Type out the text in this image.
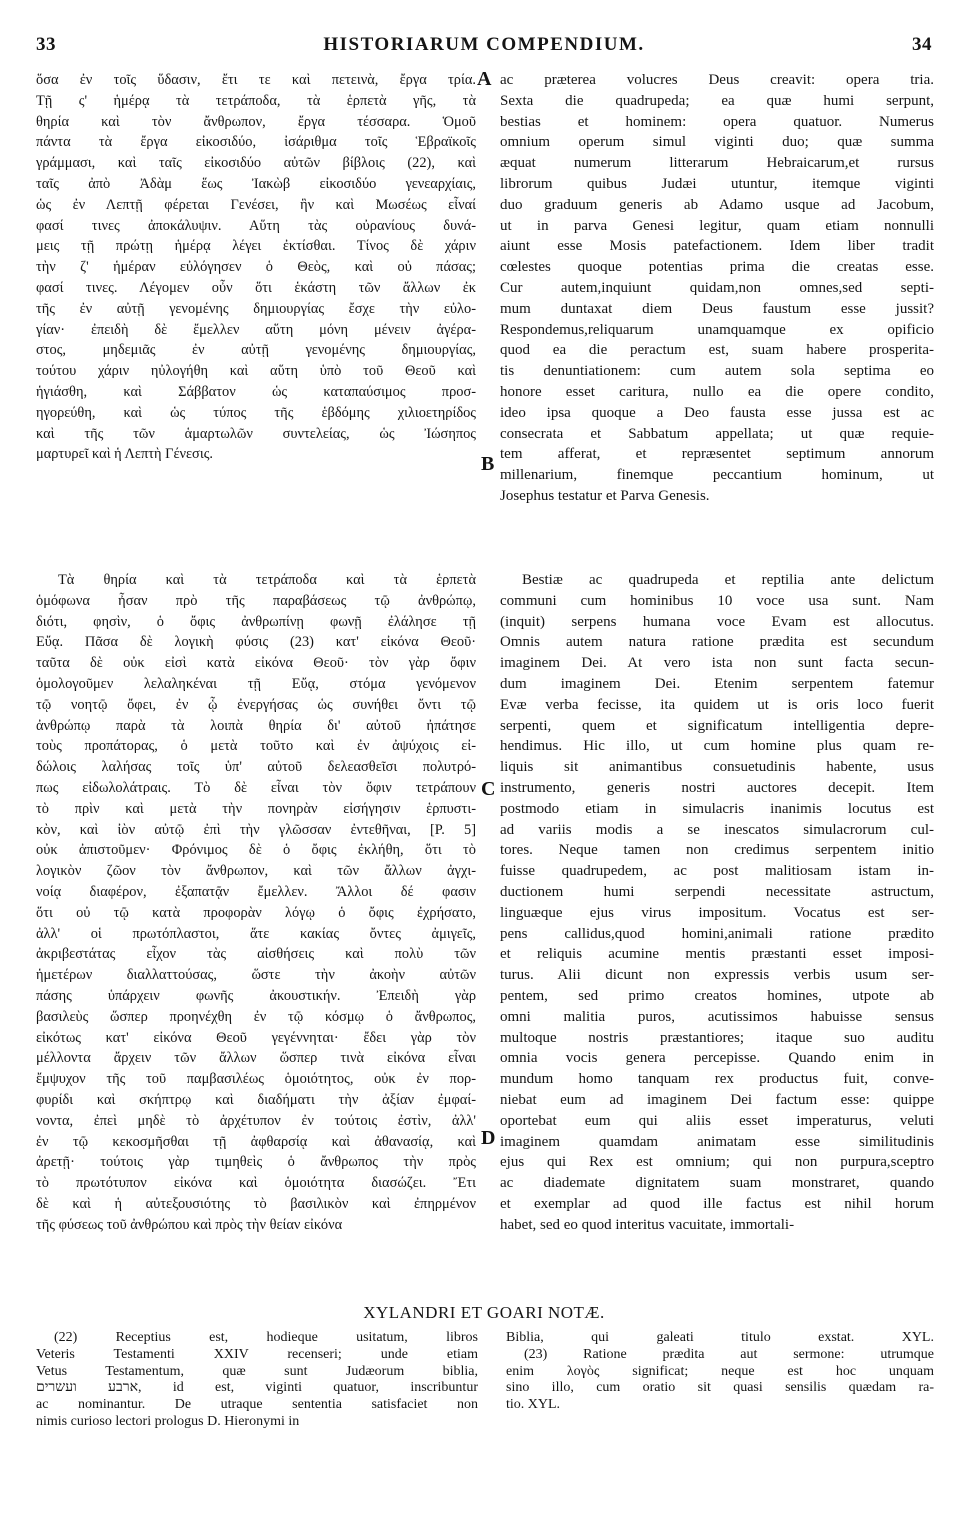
33	HISTORIARUM COMPENDIUM.	34
A
B
C
D
ὅσα ἐν τοῖς ὕδασιν, ἔτι τε καὶ πετεινὰ, ἔργα τρία.
Τῇ ς' ἡμέρᾳ τὰ τετράποδα, τὰ ἑρπετὰ γῆς, τὰ
θηρία καὶ τὸν ἄνθρωπον, ἔργα τέσσαρα. Ὁμοῦ
πάντα τὰ ἔργα εἰκοσιδύο, ἰσάριθμα τοῖς Ἑβραϊκοῖς
γράμμασι, καὶ ταῖς εἰκοσιδύο αὐτῶν βίβλοις (22), καὶ
ταῖς ἀπὸ Ἀδὰμ ἕως Ἰακὼβ εἰκοσιδύο γενεαρχίαις,
ὡς ἐν Λεπτῇ φέρεται Γενέσει, ἣν καὶ Μωσέως εἶναί
φασί τινες ἀποκάλυψιν. Αὕτη τὰς οὐρανίους δυνά-
μεις τῇ πρώτῃ ἡμέρᾳ λέγει ἐκτίσθαι. Τίνος δὲ χάριν
τὴν ζ' ἡμέραν εὐλόγησεν ὁ Θεὸς, καὶ οὐ πάσας;
φασί τινες. Λέγομεν οὖν ὅτι ἑκάστη τῶν ἄλλων ἐκ
τῆς ἐν αὐτῇ γενομένης δημιουργίας ἔσχε τὴν εὐλο-
γίαν· ἐπειδὴ δὲ ἔμελλεν αὕτη μόνη μένειν ἀγέρα-
στος, μηδεμιᾶς ἐν αὐτῇ γενομένης δημιουργίας,
τούτου χάριν ηὐλογήθη καὶ αὕτη ὑπὸ τοῦ Θεοῦ καὶ
ἡγιάσθη, καὶ Σάββατον ὡς καταπαύσιμος προσ-
ηγορεύθη, καὶ ὡς τύπος τῆς ἑβδόμης χιλιοετηρίδος
καὶ τῆς τῶν ἁμαρτωλῶν συντελείας, ὡς Ἰώσηπος
μαρτυρεῖ καὶ ἡ Λεπτὴ Γένεσις.
Τὰ θηρία καὶ τὰ τετράποδα καὶ τὰ ἑρπετὰ
ὁμόφωνα ἦσαν πρὸ τῆς παραβάσεως τῷ ἀνθρώπῳ,
διότι, φησὶν, ὁ ὄφις ἀνθρωπίνῃ φωνῇ ἐλάλησε τῇ
Εὔᾳ. Πᾶσα δὲ λογικὴ φύσις (23) κατ' εἰκόνα Θεοῦ·
ταῦτα δὲ οὐκ εἰσὶ κατὰ εἰκόνα Θεοῦ· τὸν γὰρ ὄφιν
ὁμολογοῦμεν λελαληκέναι τῇ Εὔᾳ, στόμα γενόμενον
τῷ νοητῷ ὄφει, ἐν ᾧ ἐνεργήσας ὡς συνήθει ὄντι τῷ
ἀνθρώπῳ παρὰ τὰ λοιπὰ θηρία δι' αὐτοῦ ἠπάτησε
τοὺς προπάτορας, ὁ μετὰ τοῦτο καὶ ἐν ἀψύχοις εἰ-
δώλοις λαλήσας τοῖς ὑπ' αὐτοῦ δελεασθεῖσι πολυτρό-
πως εἰδωλολάτραις. Τὸ δὲ εἶναι τὸν ὄφιν τετράπουν
τὸ πρὶν καὶ μετὰ τὴν πονηρὰν εἰσήγησιν ἑρπυστι-
κὸν, καὶ ἰὸν αὐτῷ ἐπὶ τὴν γλῶσσαν ἐντεθῆναι, [P. 5]
οὐκ ἀπιστοῦμεν· Φρόνιμος δὲ ὁ ὄφις ἐκλήθη, ὅτι τὸ
λογικὸν ζῶον τὸν ἄνθρωπον, καὶ τῶν ἄλλων ἀγχι-
νοίᾳ διαφέρον, ἐξαπατᾷν ἔμελλεν. Ἄλλοι δέ φασιν
ὅτι οὐ τῷ κατὰ προφορὰν λόγῳ ὁ ὄφις ἐχρήσατο,
ἀλλ' οἱ πρωτόπλαστοι, ἅτε κακίας ὄντες ἀμιγεῖς,
ἀκριβεστάτας εἶχον τὰς αἰσθήσεις καὶ πολὺ τῶν
ἡμετέρων διαλλαττούσας, ὥστε τὴν ἀκοὴν αὐτῶν
πάσης ὑπάρχειν φωνῆς ἀκουστικήν. Ἐπειδὴ γὰρ
βασιλεὺς ὥσπερ προηνέχθη ἐν τῷ κόσμῳ ὁ ἄνθρωπος,
εἰκότως κατ' εἰκόνα Θεοῦ γεγέννηται· ἔδει γὰρ τὸν
μέλλοντα ἄρχειν τῶν ἄλλων ὥσπερ τινὰ εἰκόνα εἶναι
ἔμψυχον τῆς τοῦ παμβασιλέως ὁμοιότητος, οὐκ ἐν πορ-
φυρίδι καὶ σκήπτρῳ καὶ διαδήματι τὴν ἀξίαν ἐμφαί-
νοντα, ἐπεὶ μηδὲ τὸ ἀρχέτυπον ἐν τούτοις ἐστὶν, ἀλλ'
ἐν τῷ κεκοσμῆσθαι τῇ ἀφθαρσίᾳ καὶ ἀθανασίᾳ, καὶ
ἀρετῇ· τούτοις γὰρ τιμηθεὶς ὁ ἄνθρωπος τὴν πρὸς
τὸ πρωτότυπον εἰκόνα καὶ ὁμοιότητα διασώζει. Ἔτι
δὲ καὶ ἡ αὐτεξουσιότης τὸ βασιλικὸν καὶ ἐπηρμένον
τῆς φύσεως τοῦ ἀνθρώπου καὶ πρὸς τὴν θείαν εἰκόνα
ac præterea volucres Deus creavit: opera tria.
Sexta die quadrupeda; ea quæ humi serpunt,
bestias et hominem: opera quatuor. Numerus
omnium operum simul viginti duo; quæ summa
æquat numerum litterarum Hebraicarum,et rursus
librorum quibus Judæi utuntur, itemque viginti
duo graduum generis ab Adamo usque ad Jacobum,
ut in parva Genesi legitur, quam etiam nonnulli
aiunt esse Mosis patefactionem. Idem liber tradit
cœlestes quoque potentias prima die creatas esse.
Cur autem,inquiunt quidam,non omnes,sed septi-
mum duntaxat diem Deus faustum esse jussit?
Respondemus,reliquarum unamquamque ex opificio
quod ea die peractum est, suam habere prosperita-
tis denuntiationem: cum autem sola septima eo
honore esset caritura, nullo ea die opere condito,
ideo ipsa quoque a Deo fausta esse jussa est ac
consecrata et Sabbatum appellata; ut quæ requie-
tem afferat, et repræsentet septimum annorum
millenarium, finemque peccantium hominum, ut
Josephus testatur et Parva Genesis.
Bestiæ ac quadrupeda et reptilia ante delictum
communi cum hominibus 10 voce usa sunt. Nam
(inquit) serpens humana voce Evam est allocutus.
Omnis autem natura ratione prædita est secundum
imaginem Dei. At vero ista non sunt facta secun-
dum imaginem Dei. Etenim serpentem fatemur
Evæ verba fecisse, ita quidem ut is oris loco fuerit
serpenti, quem et significatum intelligentia depre-
hendimus. Hic illo, ut cum homine plus quam re-
liquis sit animantibus consuetudinis habente, usus
instrumento, generis nostri auctores decepit. Item
postmodo etiam in simulacris inanimis locutus est
ad variis modis a se inescatos simulacrorum cul-
tores. Neque tamen non credimus serpentem initio
fuisse quadrupedem, ac post malitiosam istam in-
ductionem humi serpendi necessitate astructum,
linguæque ejus virus impositum. Vocatus est ser-
pens callidus,quod homini,animali ratione prædito
et reliquis acumine mentis præstanti esset imposi-
turus. Alii dicunt non expressis verbis usum ser-
pentem, sed primo creatos homines, utpote ab
omni malitia puros, acutissimos habuisse sensus
multoque nostris præstantiores; itaque suo auditu
omnia vocis genera percepisse. Quando enim in
mundum homo tanquam rex productus fuit, conve-
niebat eum ad imaginem Dei factum esse: quippe
oportebat eum qui aliis esset imperaturus, veluti
imaginem quamdam animatam esse similitudinis
ejus qui Rex est omnium; qui non purpura,sceptro
ac diademate dignitatem suam monstraret, quando
et exemplar ad quod ille factus est nihil horum
habet, sed eo quod interitus vacuitate, immortali-
XYLANDRI ET GOARI NOTÆ.
(22) Receptius est, hodieque usitatum, libros
Veteris Testamenti XXIV recenseri; unde etiam
Vetus Testamentum, quæ sunt Judæorum biblia,
ארבע ועשרים, id est, viginti quatuor, inscribuntur
ac nominantur. De utraque sententia satisfaciet non
nimis curioso lectori prologus D. Hieronymi in
Biblia, qui galeati titulo exstat. XYL.
(23) Ratione prædita aut sermone: utrumque
enim λογὸς significat; neque est hoc unquam
sino illo, cum oratio sit quasi sensilis quædam ra-
tio. XYL.
